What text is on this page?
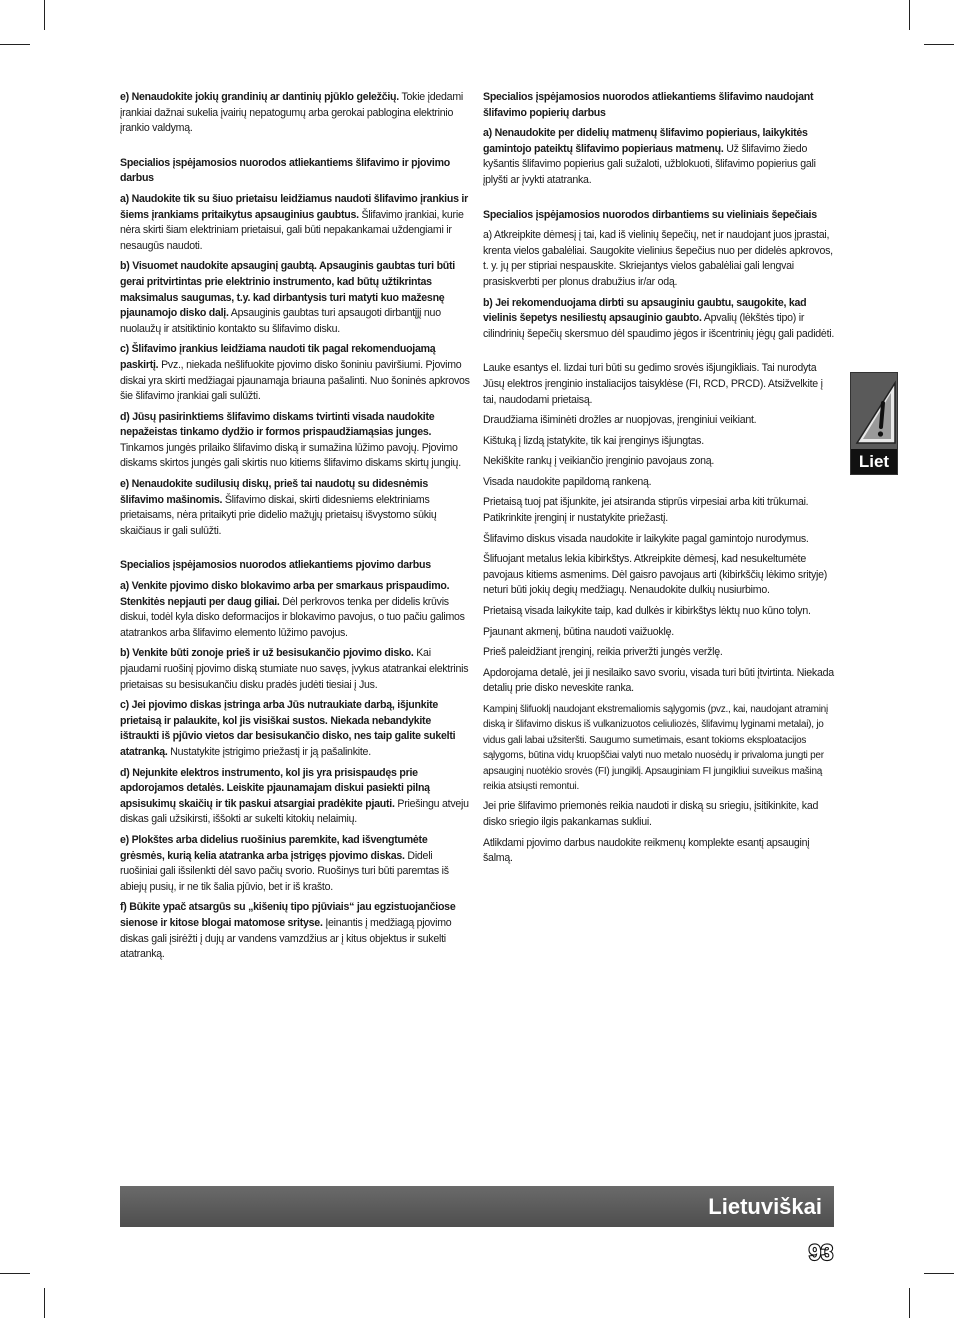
e) Nenaudokite jokių grandinių ar dantinių pjūklo geležčių. Tokie įdedami įrankiai dažnai sukelia įvairių nepatogumų arba gerokai pablogina elektrinio įrankio valdymą.

Specialios įspėjamosios nuorodos atliekantiems šlifavimo ir pjovimo darbus

a) Naudokite tik su šiuo prietaisu leidžiamus naudoti šlifavimo įrankius ir šiems įrankiams pritaikytus apsauginius gaubtus. Šlifavimo įrankiai, kurie nėra skirti šiam elektriniam prietaisui, gali būti nepakankamai uždengiami ir nesaugūs naudoti.

b) Visuomet naudokite apsauginį gaubtą. Apsauginis gaubtas turi būti gerai pritvirtintas prie elektrinio instrumento, kad būtų užtikrintas maksimalus saugumas, t.y. kad dirbantysis turi matyti kuo mažesnę pjaunamojo disko dalį. Apsauginis gaubtas turi apsaugoti dirbantįjį nuo nuolaužų ir atsitiktinio kontakto su šlifavimo disku.

c) Šlifavimo įrankius leidžiama naudoti tik pagal rekomenduojamą paskirtį. Pvz., niekada nešlifuokite pjovimo disko šoniniu paviršiumi. Pjovimo diskai yra skirti medžiagai pjaunamąja briauna pašalinti. Nuo šoninės apkrovos šie šlifavimo įrankiai gali sulūžti.

d) Jūsų pasirinktiems šlifavimo diskams tvirtinti visada naudokite nepažeistas tinkamo dydžio ir formos prispaudžiamąsias junges. Tinkamos jungės prilaiko šlifavimo diską ir sumažina lūžimo pavojų. Pjovimo diskams skirtos jungės gali skirtis nuo kitiems šlifavimo diskams skirtų jungių.

e) Nenaudokite sudilusių diskų, prieš tai naudotų su didesnėmis šlifavimo mašinomis. Šlifavimo diskai, skirti didesniems elektriniams prietaisams, nėra pritaikyti prie didelio mažųjų prietaisų išvystomo sūkių skaičiaus ir gali sulūžti.

Specialios įspėjamosios nuorodos atliekantiems pjovimo darbus

a) Venkite pjovimo disko blokavimo arba per smarkaus prispaudimo. Stenkitės nepjauti per daug giliai. Dėl perkrovos tenka per didelis krūvis diskui, todėl kyla disko deformacijos ir blokavimo pavojus, o tuo pačiu galimos atatrankos arba šlifavimo elemento lūžimo pavojus.

b) Venkite būti zonoje prieš ir už besisukančio pjovimo disko. Kai pjaudami ruošinį pjovimo diską stumiate nuo savęs, įvykus atatrankai elektrinis prietaisas su besisukančiu disku pradės judėti tiesiai į Jus.

c) Jei pjovimo diskas įstringa arba Jūs nutraukiate darbą, išjunkite prietaisą ir palaukite, kol jis visiškai sustos. Niekada nebandykite ištraukti iš pjūvio vietos dar besisukančio disko, nes taip galite sukelti atatranką. Nustatykite įstrigimo priežastį ir ją pašalinkite.

d) Nejunkite elektros instrumento, kol jis yra prisispaudęs prie apdorojamos detalės. Leiskite pjaunamajam diskui pasiekti pilną apsisukimų skaičių ir tik paskui atsargiai pradėkite pjauti. Priešingu atveju diskas gali užsikirsti, iššokti ar sukelti kitokių nelaimių.

e) Plokštes arba didelius ruošinius paremkite, kad išvengtumėte grėsmės, kurią kelia atatranka arba įstrigęs pjovimo diskas. Dideli ruošiniai gali išsilenkti dėl savo pačių svorio. Ruošinys turi būti paremtas iš abiejų pusių, ir ne tik šalia pjūvio, bet ir iš krašto.

f) Būkite ypač atsargūs su „kišenių tipo pjūviais“ jau egzistuojančiose sienose ir kitose blogai matomose srityse. Įeinantis į medžiagą pjovimo diskas gali įsirėžti į dujų ar vandens vamzdžius ar į kitus objektus ir sukelti atatranką.

Specialios įspėjamosios nuorodos atliekantiems šlifavimo naudojant šlifavimo popierių darbus

a) Nenaudokite per didelių matmenų šlifavimo popieriaus, laikykitės gamintojo pateiktų šlifavimo popieriaus matmenų. Už šlifavimo žiedo kyšantis šlifavimo popierius gali sužaloti, užblokuoti, šlifavimo popierius gali įplyšti ar įvykti atatranka.

Specialios įspėjamosios nuorodos dirbantiems su vieliniais šepečiais

a) Atkreipkite dėmesį į tai, kad iš vielinių šepečių, net ir naudojant juos įprastai, krenta vielos gabalėliai. Saugokite vielinius šepečius nuo per didelės apkrovos, t. y. jų per stipriai nespauskite. Skriejantys vielos gabalėliai gali lengvai prasiskverbti per plonus drabužius ir/ar odą.

b) Jei rekomenduojama dirbti su apsauginiu gaubtu, saugokite, kad vielinis šepetys nesiliestų apsauginio gaubto. Apvalių (lėkštės tipo) ir cilindrinių šepečių skersmuo dėl spaudimo jėgos ir išcentrinių jėgų gali padidėti.

Lauke esantys el. lizdai turi būti su gedimo srovės išjungikliais. Tai nurodyta Jūsų elektros įrenginio instaliacijos taisyklėse (FI, RCD, PRCD). Atsižvelkite į tai, naudodami prietaisą.

Draudžiama išiminėti drožles ar nuopjovas, įrenginiui veikiant.

Kištuką į lizdą įstatykite, tik kai įrenginys išjungtas.

Nekiškite rankų į veikiančio įrenginio pavojaus zoną.

Visada naudokite papildomą rankeną.

Prietaisą tuoj pat išjunkite, jei atsiranda stiprūs virpesiai arba kiti trūkumai. Patikrinkite įrenginį ir nustatykite priežastį.

Šlifavimo diskus visada naudokite ir laikykite pagal gamintojo nurodymus.

Šlifuojant metalus lekia kibirkštys. Atkreipkite dėmesį, kad nesukeltumėte pavojaus kitiems asmenims. Dėl gaisro pavojaus arti (kibirkščių lėkimo srityje) neturi būti jokių degių medžiagų. Nenaudokite dulkių nusiurbimo.

Prietaisą visada laikykite taip, kad dulkės ir kibirkštys lėktų nuo kūno tolyn.

Pjaunant akmenį, būtina naudoti vaižuoklę.

Prieš paleidžiant įrenginį, reikia priveržti jungės veržlę.

Apdorojama detalė, jei ji nesilaiko savo svoriu, visada turi būti įtvirtinta. Niekada detalių prie disko neveskite ranka.

Kampinį šlifuoklį naudojant ekstremaliomis sąlygomis (pvz., kai, naudojant atraminį diską ir šlifavimo diskus iš vulkanizuotos celiuliozės, šlifavimų lyginami metalai), jo vidus gali labai užsiteršti. Saugumo sumetimais, esant tokioms eksploatacijos sąlygoms, būtina vidų kruopščiai valyti nuo metalo nuosėdų ir privaloma jungti per apsauginį nuotėkio srovės (FI) jungiklį. Apsauginiam FI jungikliui suveikus mašiną reikia atsiųsti remontui.

Jei prie šlifavimo priemonės reikia naudoti ir diską su sriegiu, įsitikinkite, kad disko sriegio ilgis pakankamas sukliui.

Atlikdami pjovimo darbus naudokite reikmenų komplekte esantį apsauginį šalmą.

Liet
Lietuviškai
93
